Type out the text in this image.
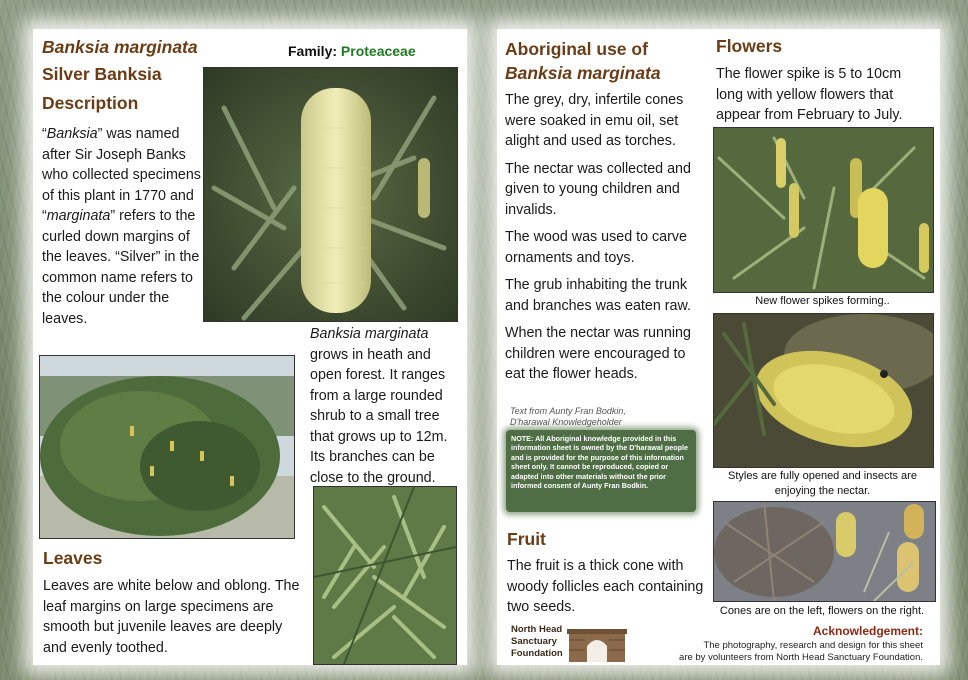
Banksia marginata
Silver Banksia
Family: Proteaceae
Description
“Banksia” was named after Sir Joseph Banks who collected specimens of this plant in 1770 and “marginata” refers to the curled down margins of the leaves. “Silver” in the common name refers to the colour under the leaves.
Banksia marginata grows in heath and open forest. It ranges from a large rounded shrub to a small tree that grows up to 12m. Its branches can be close to the ground.
Leaves
Leaves are white below and oblong. The leaf margins on large specimens are smooth but juvenile leaves are deeply and evenly toothed.
Aboriginal use of
Banksia marginata

The grey, dry, infertile cones were soaked in emu oil, set alight and used as torches.

The nectar was collected and given to young children and invalids.

The wood was used to carve ornaments and toys.

The grub inhabiting the trunk and branches was eaten raw.

When the nectar was running children were encouraged to eat the flower heads.

Text from Aunty Fran Bodkin,
D'harawal Knowledgeholder
NOTE: All Aboriginal knowledge provided in this information sheet is owned by the D'harawal people and is provided for the purpose of this information sheet only. It cannot be reproduced, copied or adapted into other materials without the prior informed consent of Aunty Fran Bodkin.
Fruit
The fruit is a thick cone with woody follicles each containing two seeds.
North Head
Sanctuary
Foundation
Flowers
The flower spike is 5 to 10cm long with yellow flowers that appear from February to July.
New flower spikes forming..
Styles are fully opened and insects are enjoying the nectar.
Cones are on the left, flowers on the right.
Acknowledgement:
The photography, research and design for this sheet
are by volunteers from North Head Sanctuary Foundation.
